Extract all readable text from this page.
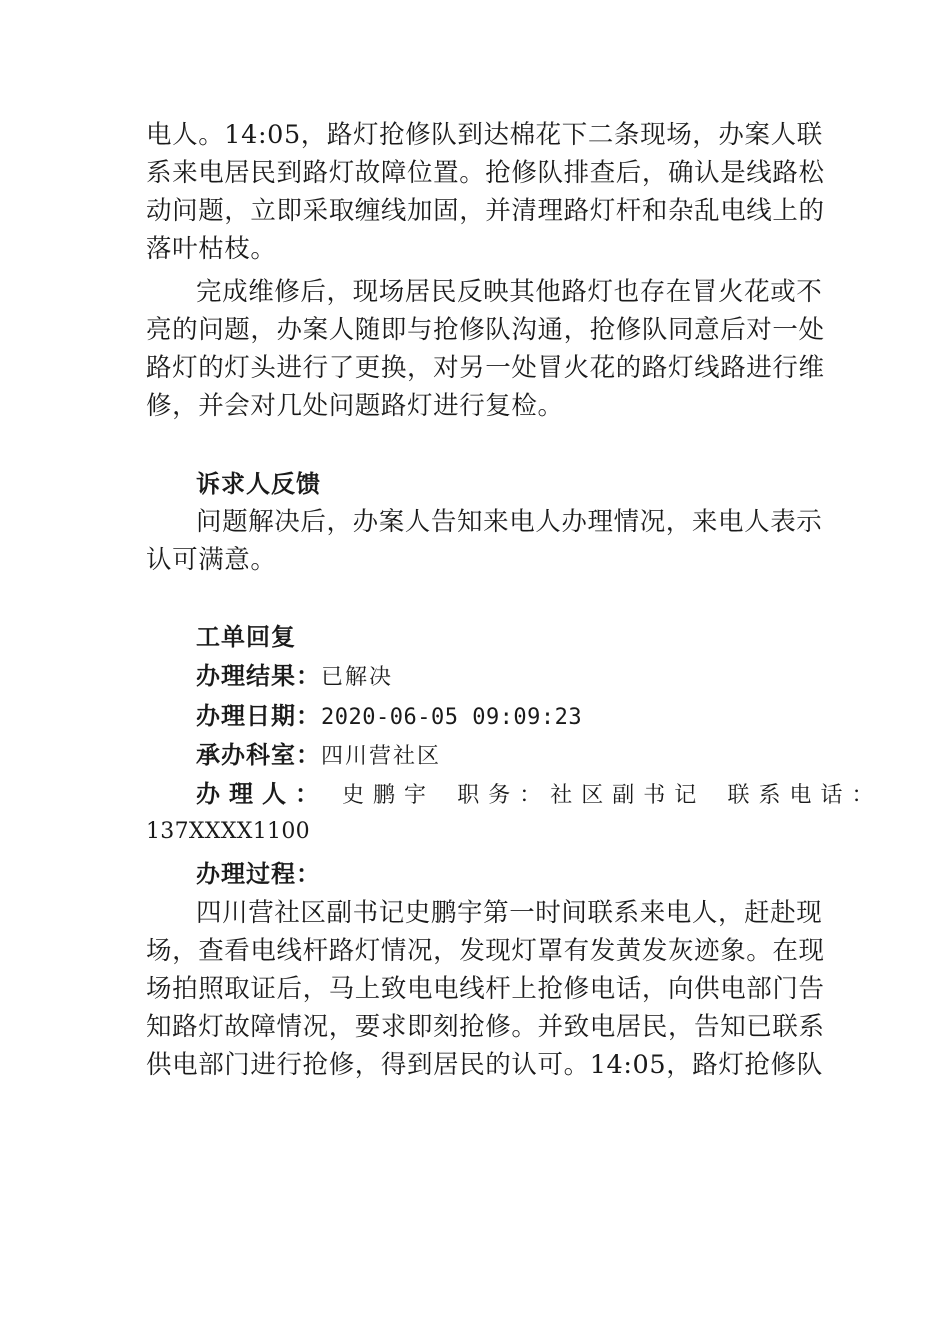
电人。14:05，路灯抢修队到达棉花下二条现场，办案人联
系来电居民到路灯故障位置。抢修队排查后，确认是线路松
动问题，立即采取缠线加固，并清理路灯杆和杂乱电线上的
落叶枯枝。
完成维修后，现场居民反映其他路灯也存在冒火花或不
亮的问题，办案人随即与抢修队沟通，抢修队同意后对一处
路灯的灯头进行了更换，对另一处冒火花的路灯线路进行维
修，并会对几处问题路灯进行复检。
诉求人反馈
问题解决后，办案人告知来电人办理情况，来电人表示
认可满意。
工单回复
办理结果：已解决
办理日期：2020-06-05 09:09:23
承办科室：四川营社区
办理人： 史鹏宇 职务：社区副书记 联系电话：
137XXXX1100
办理过程：
四川营社区副书记史鹏宇第一时间联系来电人，赶赴现
场，查看电线杆路灯情况，发现灯罩有发黄发灰迹象。在现
场拍照取证后，马上致电电线杆上抢修电话，向供电部门告
知路灯故障情况，要求即刻抢修。并致电居民，告知已联系
供电部门进行抢修，得到居民的认可。14:05，路灯抢修队
